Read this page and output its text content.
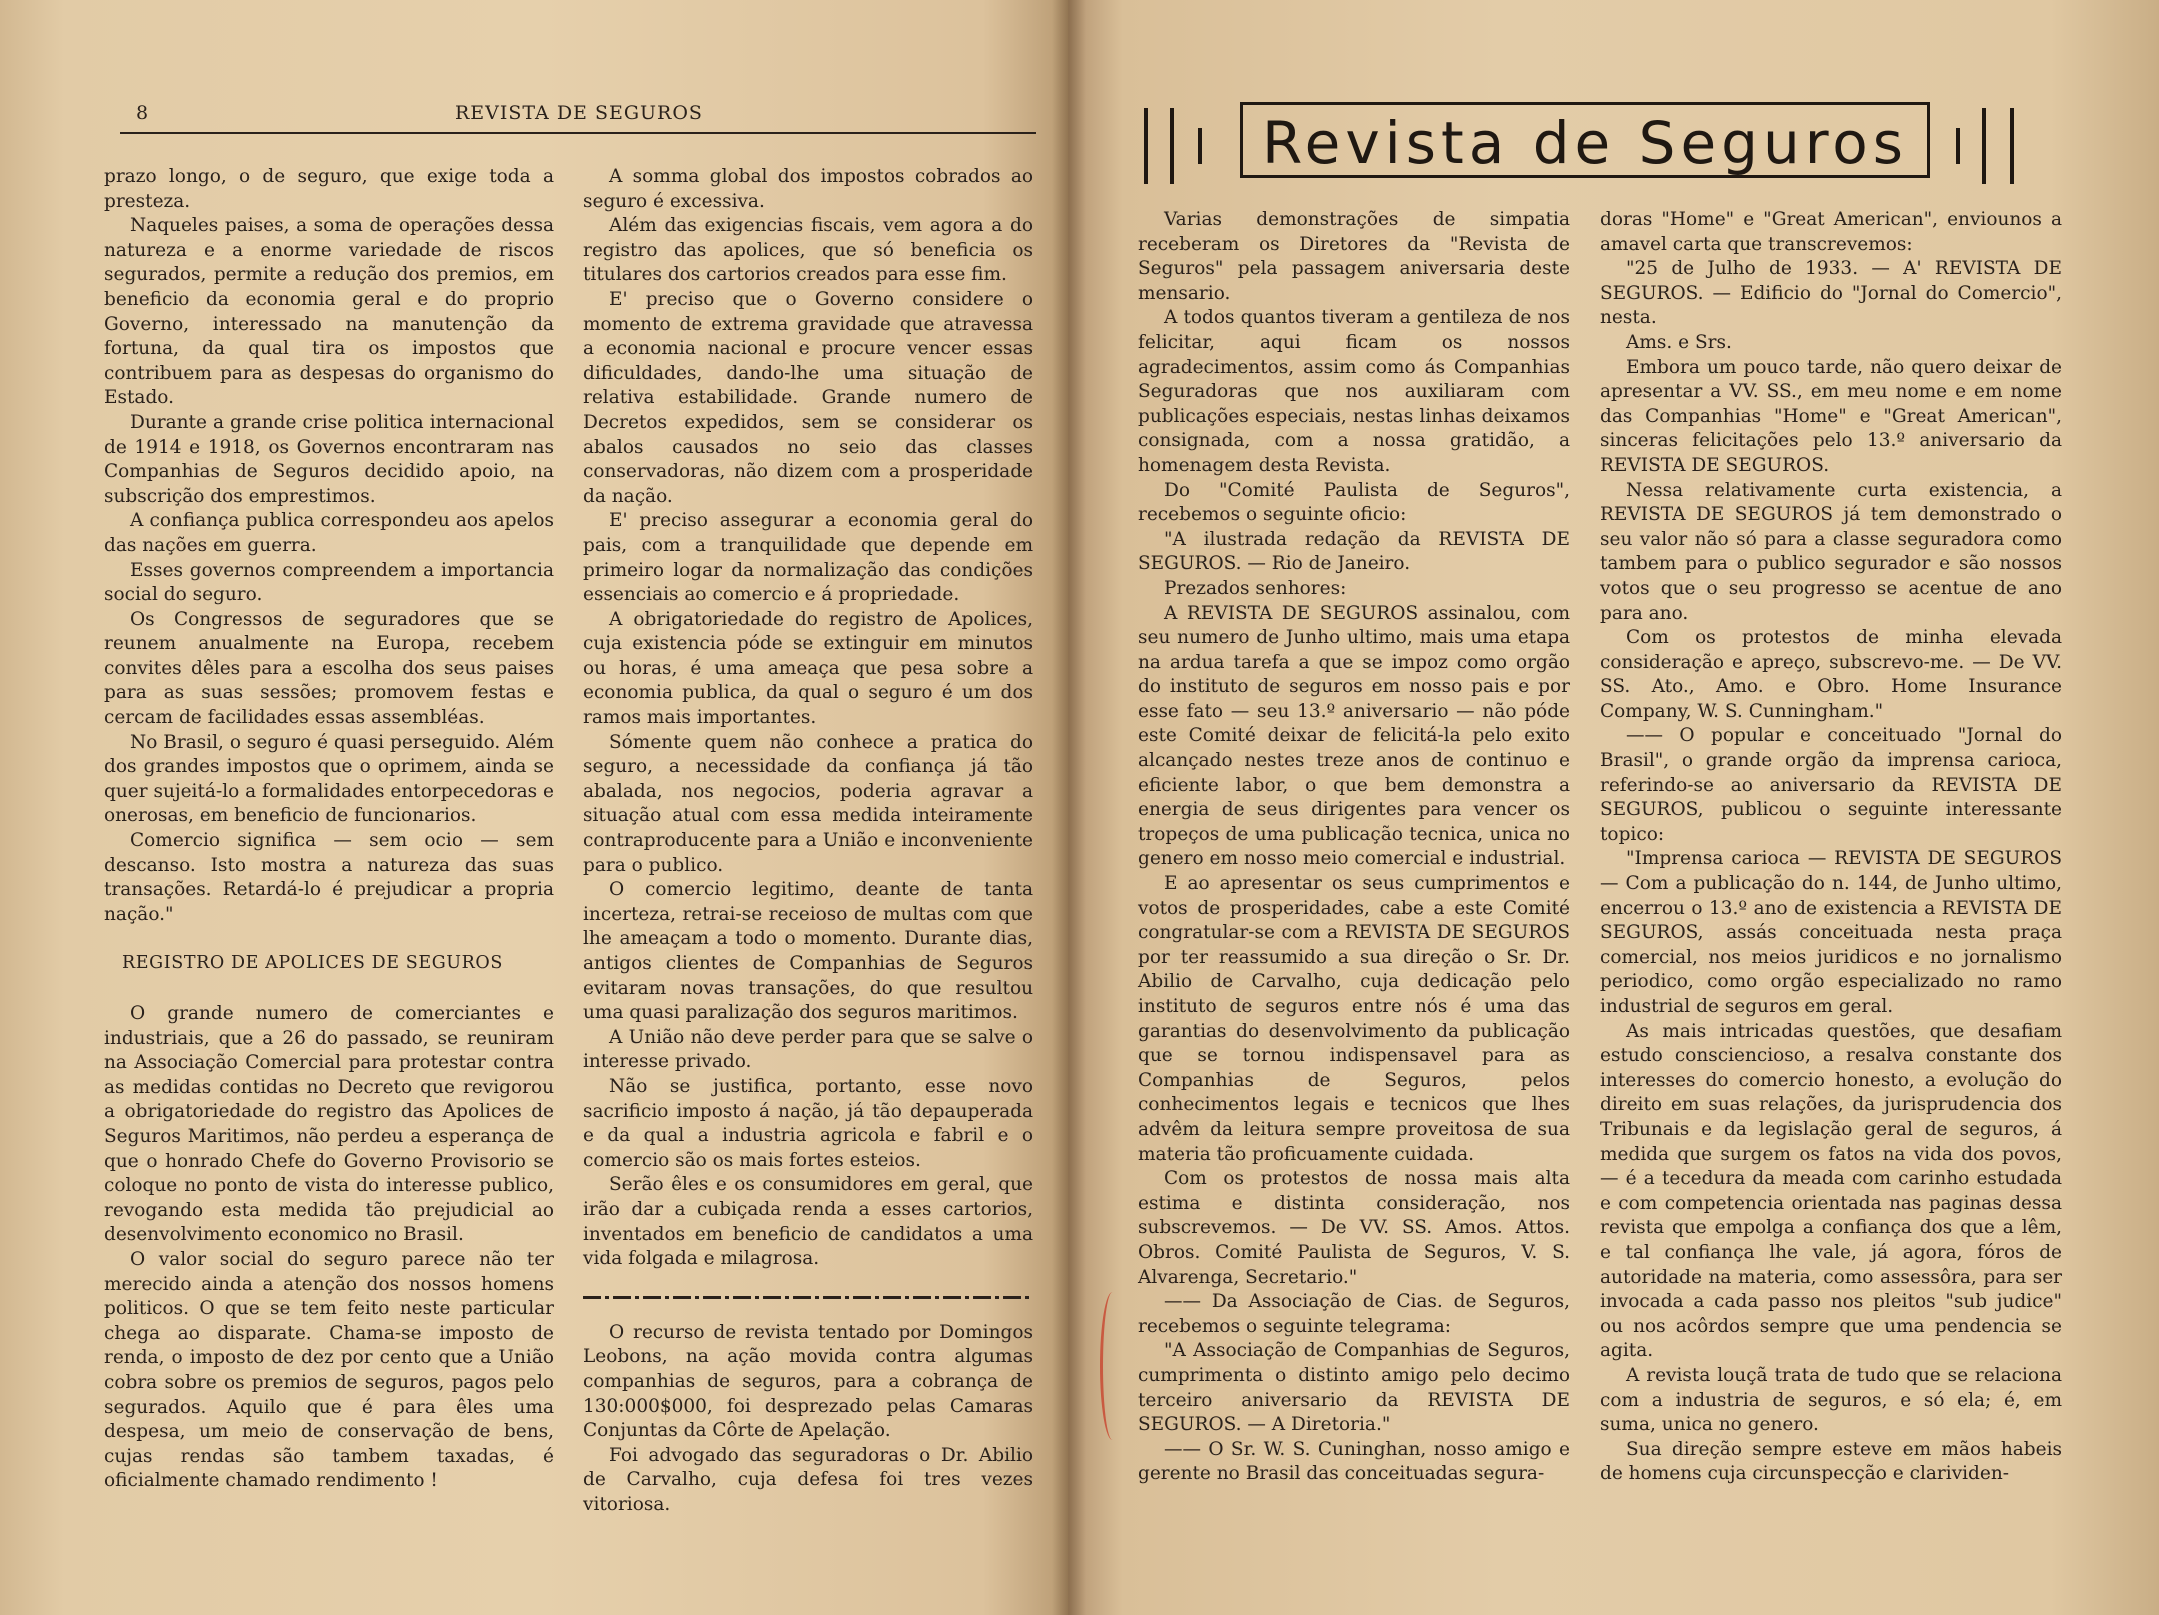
8	REVISTA DE SEGUROS

prazo longo, o de seguro, que exige toda a presteza.

Naqueles paises, a soma de operações dessa natureza e a enorme variedade de riscos segurados, permite a redução dos premios, em beneficio da economia geral e do proprio Governo, interessado na manutenção da fortuna, da qual tira os impostos que contribuem para as despesas do organismo do Estado.

Durante a grande crise politica internacional de 1914 e 1918, os Governos encontraram nas Companhias de Seguros decidido apoio, na subscrição dos emprestimos.

A confiança publica correspondeu aos apelos das nações em guerra.

Esses governos compreendem a importancia social do seguro.

Os Congressos de seguradores que se reunem anualmente na Europa, recebem convites dêles para a escolha dos seus paises para as suas sessões; promovem festas e cercam de facilidades essas assembléas.

No Brasil, o seguro é quasi perseguido. Além dos grandes impostos que o oprimem, ainda se quer sujeitá-lo a formalidades entorpecedoras e onerosas, em beneficio de funcionarios.

Comercio significa — sem ocio — sem descanso. Isto mostra a natureza das suas transações. Retardá-lo é prejudicar a propria nação."

REGISTRO DE APOLICES DE SEGUROS

O grande numero de comerciantes e industriais, que a 26 do passado, se reuniram na Associação Comercial para protestar contra as medidas contidas no Decreto que revigorou a obrigatoriedade do registro das Apolices de Seguros Maritimos, não perdeu a esperança de que o honrado Chefe do Governo Provisorio se coloque no ponto de vista do interesse publico, revogando esta medida tão prejudicial ao desenvolvimento economico no Brasil.

O valor social do seguro parece não ter merecido ainda a atenção dos nossos homens politicos. O que se tem feito neste particular chega ao disparate. Chama-se imposto de renda, o imposto de dez por cento que a União cobra sobre os premios de seguros, pagos pelo segurados. Aquilo que é para êles uma despesa, um meio de conservação de bens, cujas rendas são tambem taxadas, é oficialmente chamado rendimento !

A somma global dos impostos cobrados ao seguro é excessiva.

Além das exigencias fiscais, vem agora a do registro das apolices, que só beneficia os titulares dos cartorios creados para esse fim.

E' preciso que o Governo considere o momento de extrema gravidade que atravessa a economia nacional e procure vencer essas dificuldades, dando-lhe uma situação de relativa estabilidade. Grande numero de Decretos expedidos, sem se considerar os abalos causados no seio das classes conservadoras, não dizem com a prosperidade da nação.

E' preciso assegurar a economia geral do pais, com a tranquilidade que depende em primeiro logar da normalização das condições essenciais ao comercio e á propriedade.

A obrigatoriedade do registro de Apolices, cuja existencia póde se extinguir em minutos ou horas, é uma ameaça que pesa sobre a economia publica, da qual o seguro é um dos ramos mais importantes.

Sómente quem não conhece a pratica do seguro, a necessidade da confiança já tão abalada, nos negocios, poderia agravar a situação atual com essa medida inteiramente contraproducente para a União e inconveniente para o publico.

O comercio legitimo, deante de tanta incerteza, retrai-se receioso de multas com que lhe ameaçam a todo o momento. Durante dias, antigos clientes de Companhias de Seguros evitaram novas transações, do que resultou uma quasi paralização dos seguros maritimos.

A União não deve perder para que se salve o interesse privado.

Não se justifica, portanto, esse novo sacrificio imposto á nação, já tão depauperada e da qual a industria agricola e fabril e o comercio são os mais fortes esteios.

Serão êles e os consumidores em geral, que irão dar a cubiçada renda a esses cartorios, inventados em beneficio de candidatos a uma vida folgada e milagrosa.

O recurso de revista tentado por Domingos Leobons, na ação movida contra algumas companhias de seguros, para a cobrança de 130:000$000, foi desprezado pelas Camaras Conjuntas da Côrte de Apelação.

Foi advogado das seguradoras o Dr. Abilio de Carvalho, cuja defesa foi tres vezes vitoriosa.

Revista de Seguros

Varias demonstrações de simpatia receberam os Diretores da "Revista de Seguros" pela passagem aniversaria deste mensario.

A todos quantos tiveram a gentileza de nos felicitar, aqui ficam os nossos agradecimentos, assim como ás Companhias Seguradoras que nos auxiliaram com publicações especiais, nestas linhas deixamos consignada, com a nossa gratidão, a homenagem desta Revista.

Do "Comité Paulista de Seguros", recebemos o seguinte oficio:

"A ilustrada redação da REVISTA DE SEGUROS. — Rio de Janeiro.

Prezados senhores:

A REVISTA DE SEGUROS assinalou, com seu numero de Junho ultimo, mais uma etapa na ardua tarefa a que se impoz como orgão do instituto de seguros em nosso pais e por esse fato — seu 13.º aniversario — não póde este Comité deixar de felicitá-la pelo exito alcançado nestes treze anos de continuo e eficiente labor, o que bem demonstra a energia de seus dirigentes para vencer os tropeços de uma publicação tecnica, unica no genero em nosso meio comercial e industrial.

E ao apresentar os seus cumprimentos e votos de prosperidades, cabe a este Comité congratular-se com a REVISTA DE SEGUROS por ter reassumido a sua direção o Sr. Dr. Abilio de Carvalho, cuja dedicação pelo instituto de seguros entre nós é uma das garantias do desenvolvimento da publicação que se tornou indispensavel para as Companhias de Seguros, pelos conhecimentos legais e tecnicos que lhes advêm da leitura sempre proveitosa de sua materia tão proficuamente cuidada.

Com os protestos de nossa mais alta estima e distinta consideração, nos subscrevemos. — De VV. SS. Amos. Attos. Obros. Comité Paulista de Seguros, V. S. Alvarenga, Secretario."

—— Da Associação de Cias. de Seguros, recebemos o seguinte telegrama:

"A Associação de Companhias de Seguros, cumprimenta o distinto amigo pelo decimo terceiro aniversario da REVISTA DE SEGUROS. — A Diretoria."

—— O Sr. W. S. Cuninghan, nosso amigo e gerente no Brasil das conceituadas segura-

doras "Home" e "Great American", enviounos a amavel carta que transcrevemos:

"25 de Julho de 1933. — A' REVISTA DE SEGUROS. — Edificio do "Jornal do Comercio", nesta.

Ams. e Srs.

Embora um pouco tarde, não quero deixar de apresentar a VV. SS., em meu nome e em nome das Companhias "Home" e "Great American", sinceras felicitações pelo 13.º aniversario da REVISTA DE SEGUROS.

Nessa relativamente curta existencia, a REVISTA DE SEGUROS já tem demonstrado o seu valor não só para a classe seguradora como tambem para o publico segurador e são nossos votos que o seu progresso se acentue de ano para ano.

Com os protestos de minha elevada consideração e apreço, subscrevo-me. — De VV. SS. Ato., Amo. e Obro. Home Insurance Company, W. S. Cunningham."

—— O popular e conceituado "Jornal do Brasil", o grande orgão da imprensa carioca, referindo-se ao aniversario da REVISTA DE SEGUROS, publicou o seguinte interessante topico:

"Imprensa carioca — REVISTA DE SEGUROS — Com a publicação do n. 144, de Junho ultimo, encerrou o 13.º ano de existencia a REVISTA DE SEGUROS, assás conceituada nesta praça comercial, nos meios juridicos e no jornalismo periodico, como orgão especializado no ramo industrial de seguros em geral.

As mais intricadas questões, que desafiam estudo consciencioso, a resalva constante dos interesses do comercio honesto, a evolução do direito em suas relações, da jurisprudencia dos Tribunais e da legislação geral de seguros, á medida que surgem os fatos na vida dos povos, — é a tecedura da meada com carinho estudada e com competencia orientada nas paginas dessa revista que empolga a confiança dos que a lêm, e tal confiança lhe vale, já agora, fóros de autoridade na materia, como assessôra, para ser invocada a cada passo nos pleitos "sub judice" ou nos acôrdos sempre que uma pendencia se agita.

A revista louçã trata de tudo que se relaciona com a industria de seguros, e só ela; é, em suma, unica no genero.

Sua direção sempre esteve em mãos habeis de homens cuja circunspecção e clarividen-
